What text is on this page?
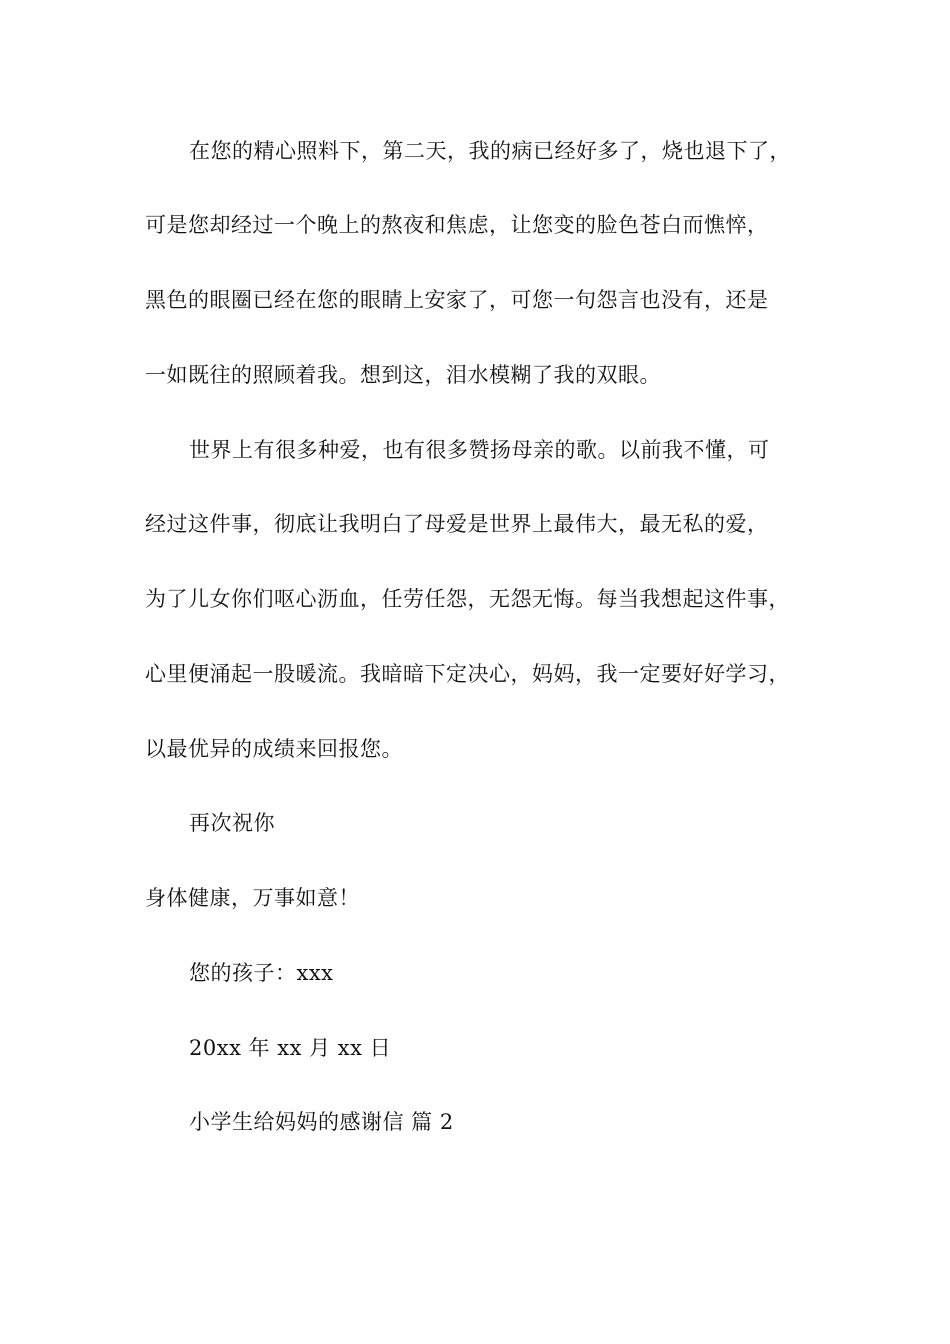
在您的精心照料下，第二天，我的病已经好多了，烧也退下了，
可是您却经过一个晚上的熬夜和焦虑，让您变的脸色苍白而憔悴，
黑色的眼圈已经在您的眼睛上安家了，可您一句怨言也没有，还是
一如既往的照顾着我。想到这，泪水模糊了我的双眼。
世界上有很多种爱，也有很多赞扬母亲的歌。以前我不懂，可
经过这件事，彻底让我明白了母爱是世界上最伟大，最无私的爱，
为了儿女你们呕心沥血，任劳任怨，无怨无悔。每当我想起这件事，
心里便涌起一股暖流。我暗暗下定决心，妈妈，我一定要好好学习，
以最优异的成绩来回报您。
再次祝你
身体健康，万事如意！
您的孩子：xxx
20xx 年 xx 月 xx 日
小学生给妈妈的感谢信 篇 2
